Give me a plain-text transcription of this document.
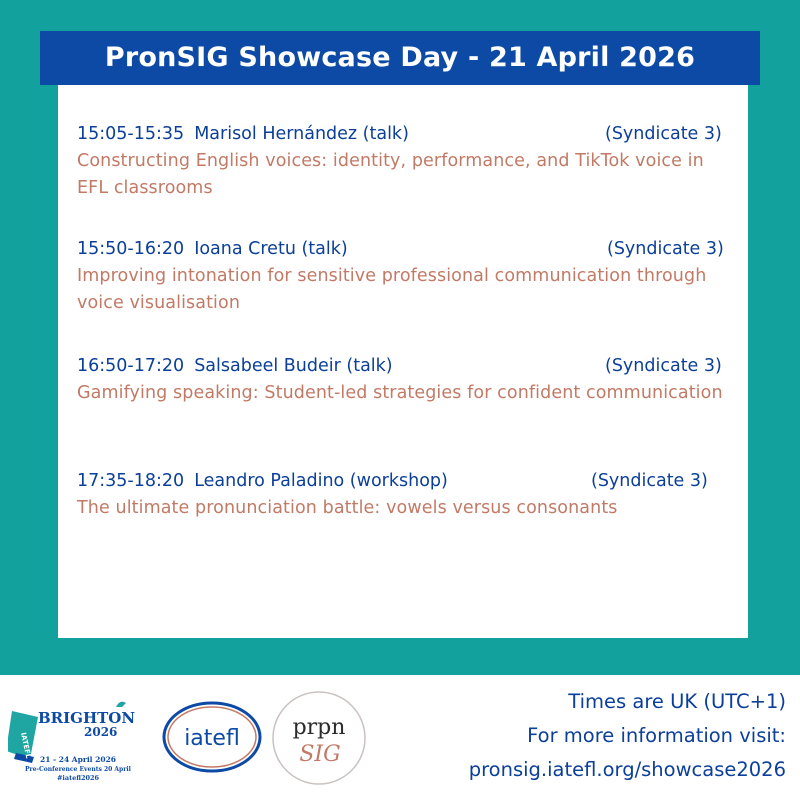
PronSIG Showcase Day - 21 April 2026
15:05-15:35 Marisol Hernández (talk)	(Syndicate 3)
Constructing English voices: identity, performance, and TikTok voice in EFL classrooms
15:50-16:20 Ioana Cretu (talk)	(Syndicate 3)
Improving intonation for sensitive professional communication through voice visualisation
16:50-17:20 Salsabeel Budeir (talk)	(Syndicate 3)
Gamifying speaking: Student-led strategies for confident communication
17:35-18:20 Leandro Paladino (workshop)	(Syndicate 3)
The ultimate pronunciation battle: vowels versus consonants
IATEFL
BRIGHTON
2026
21 - 24 April 2026
Pre-Conference Events 20 April
#iatefl2026
iatefl prpn
SIG
Times are UK (UTC+1)
For more information visit:
pronsig.iatefl.org/showcase2026
